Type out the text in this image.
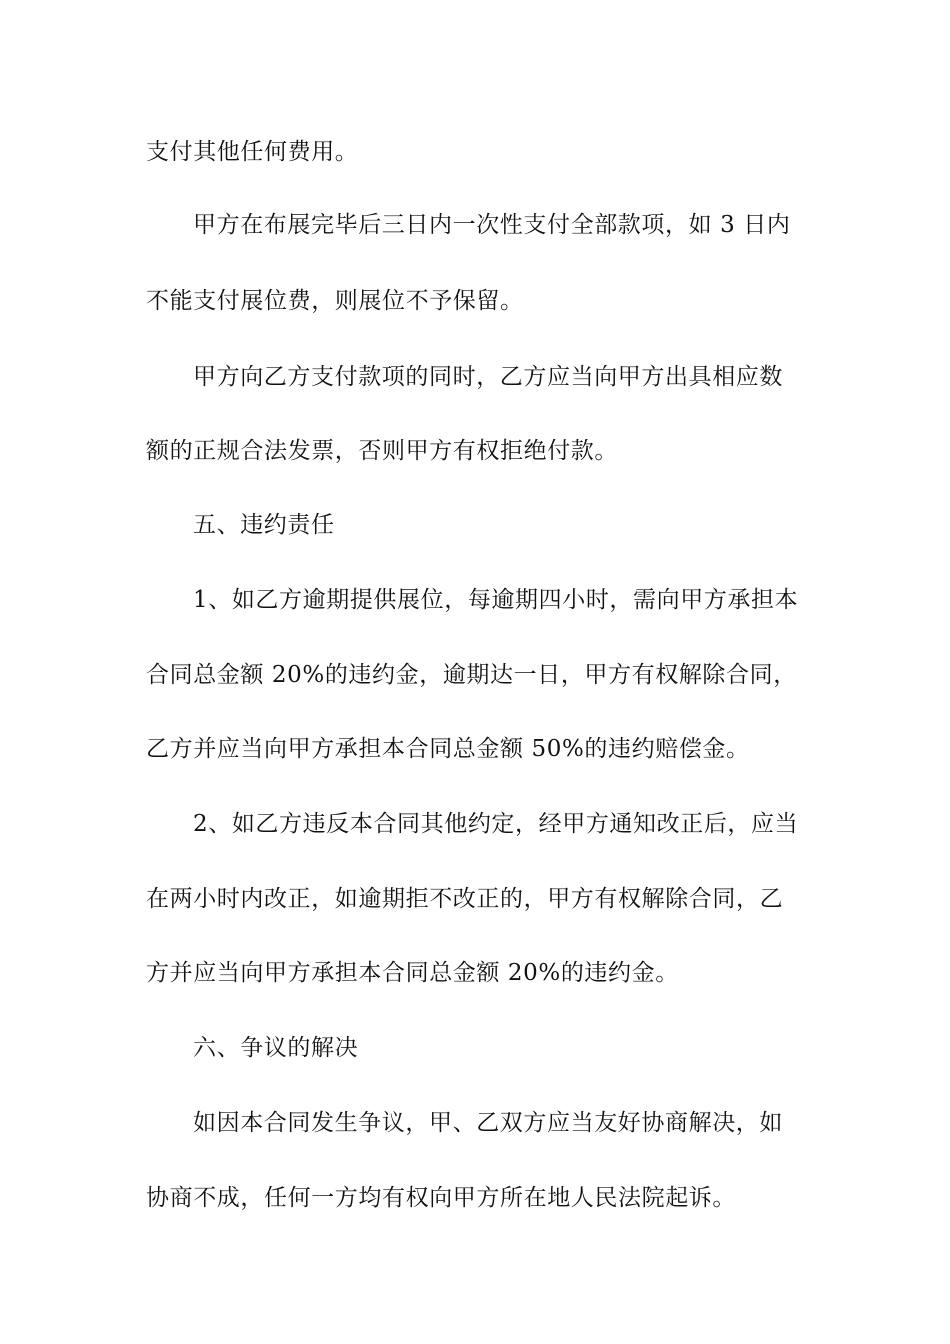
支付其他任何费用。
甲方在布展完毕后三日内一次性支付全部款项，如 3 日内
不能支付展位费，则展位不予保留。
甲方向乙方支付款项的同时，乙方应当向甲方出具相应数
额的正规合法发票，否则甲方有权拒绝付款。
五、违约责任
1、如乙方逾期提供展位，每逾期四小时，需向甲方承担本
合同总金额 20%的违约金，逾期达一日，甲方有权解除合同，
乙方并应当向甲方承担本合同总金额 50%的违约赔偿金。
2、如乙方违反本合同其他约定，经甲方通知改正后，应当
在两小时内改正，如逾期拒不改正的，甲方有权解除合同，乙
方并应当向甲方承担本合同总金额 20%的违约金。
六、争议的解决
如因本合同发生争议，甲、乙双方应当友好协商解决，如
协商不成，任何一方均有权向甲方所在地人民法院起诉。
